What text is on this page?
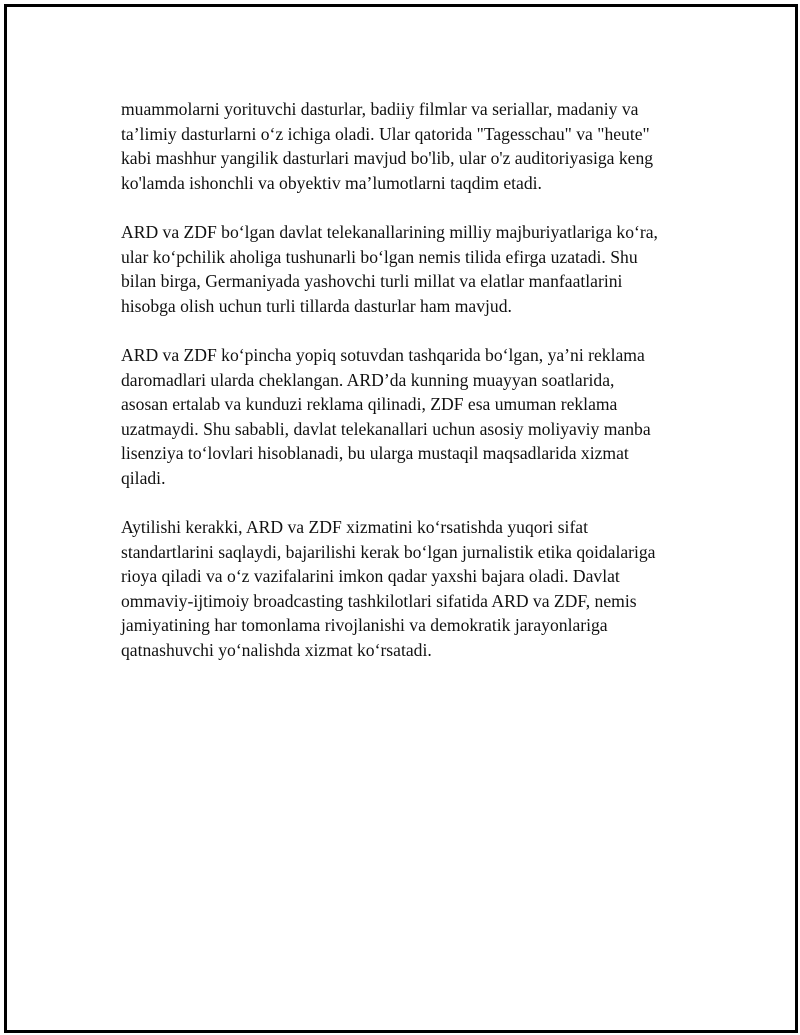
muammolarni yorituvchi dasturlar, badiiy filmlar va seriallar, madaniy va
ta’limiy dasturlarni o‘z ichiga oladi. Ular qatorida "Tagesschau" va "heute"
kabi mashhur yangilik dasturlari mavjud bo'lib, ular o'z auditoriyasiga keng
ko'lamda ishonchli va obyektiv ma’lumotlarni taqdim etadi.

ARD va ZDF bo‘lgan davlat telekanallarining milliy majburiyatlariga ko‘ra,
ular ko‘pchilik aholiga tushunarli bo‘lgan nemis tilida efirga uzatadi. Shu
bilan birga, Germaniyada yashovchi turli millat va elatlar manfaatlarini
hisobga olish uchun turli tillarda dasturlar ham mavjud.

ARD va ZDF ko‘pincha yopiq sotuvdan tashqarida bo‘lgan, ya’ni reklama
daromadlari ularda cheklangan. ARD’da kunning muayyan soatlarida,
asosan ertalab va kunduzi reklama qilinadi, ZDF esa umuman reklama
uzatmaydi. Shu sababli, davlat telekanallari uchun asosiy moliyaviy manba
lisenziya to‘lovlari hisoblanadi, bu ularga mustaqil maqsadlarida xizmat
qiladi.

Aytilishi kerakki, ARD va ZDF xizmatini ko‘rsatishda yuqori sifat
standartlarini saqlaydi, bajarilishi kerak bo‘lgan jurnalistik etika qoidalariga
rioya qiladi va o‘z vazifalarini imkon qadar yaxshi bajara oladi. Davlat
ommaviy-ijtimoiy broadcasting tashkilotlari sifatida ARD va ZDF, nemis
jamiyatining har tomonlama rivojlanishi va demokratik jarayonlariga
qatnashuvchi yo‘nalishda xizmat ko‘rsatadi.
